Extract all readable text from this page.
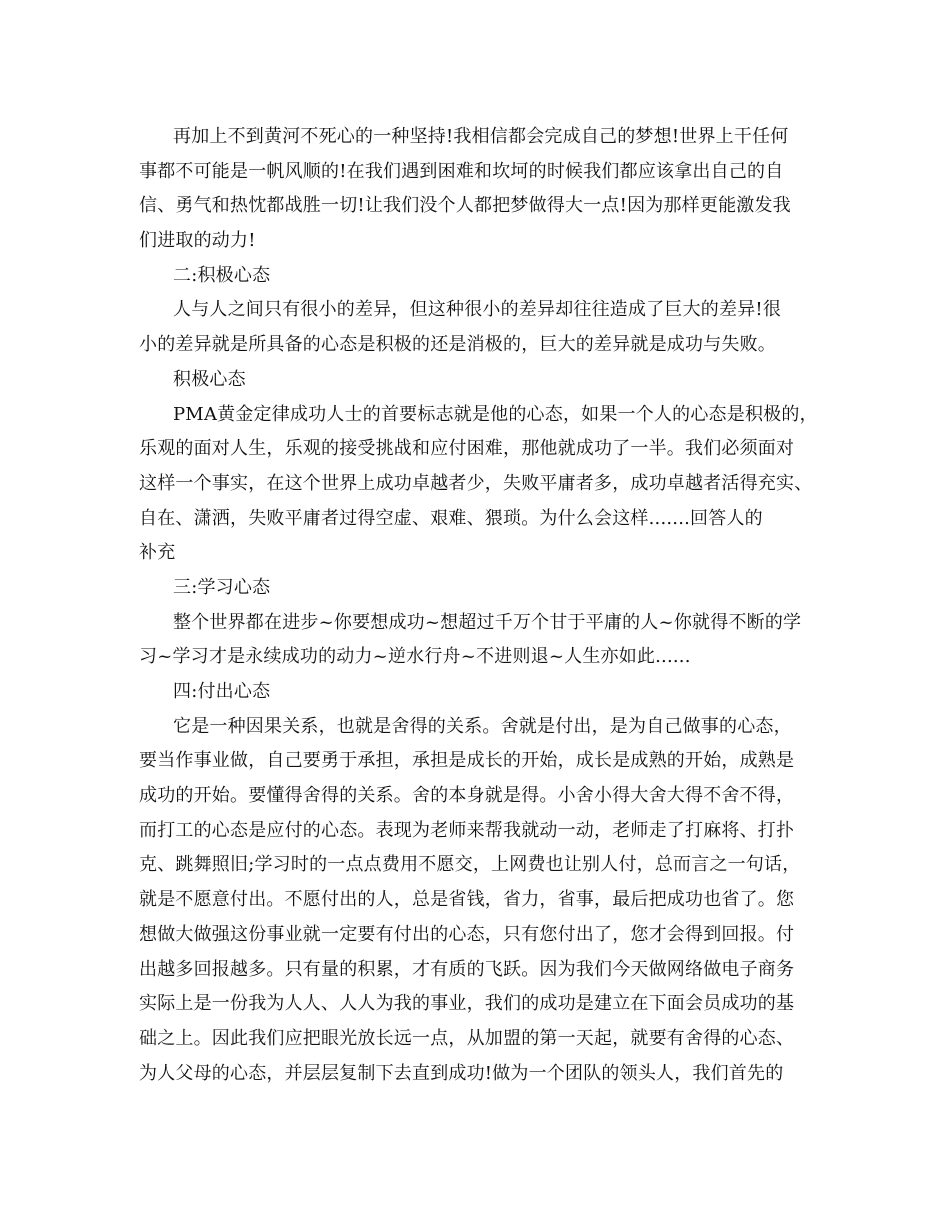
再加上不到黄河不死心的一种坚持!我相信都会完成自己的梦想!世界上干任何
事都不可能是一帆风顺的!在我们遇到困难和坎坷的时候我们都应该拿出自己的自
信、勇气和热忱都战胜一切!让我们没个人都把梦做得大一点!因为那样更能激发我
们进取的动力!
二:积极心态
人与人之间只有很小的差异，但这种很小的差异却往往造成了巨大的差异!很
小的差异就是所具备的心态是积极的还是消极的，巨大的差异就是成功与失败。
积极心态
PMA黄金定律成功人士的首要标志就是他的心态，如果一个人的心态是积极的，
乐观的面对人生，乐观的接受挑战和应付困难，那他就成功了一半。我们必须面对
这样一个事实，在这个世界上成功卓越者少，失败平庸者多，成功卓越者活得充实、
自在、潇洒，失败平庸者过得空虚、艰难、猥琐。为什么会这样.......回答人的
补充
三:学习心态
整个世界都在进步~你要想成功~想超过千万个甘于平庸的人~你就得不断的学
习~学习才是永续成功的动力~逆水行舟~不进则退~人生亦如此......
四:付出心态
它是一种因果关系，也就是舍得的关系。舍就是付出，是为自己做事的心态，
要当作事业做，自己要勇于承担，承担是成长的开始，成长是成熟的开始，成熟是
成功的开始。要懂得舍得的关系。舍的本身就是得。小舍小得大舍大得不舍不得，
而打工的心态是应付的心态。表现为老师来帮我就动一动，老师走了打麻将、打扑
克、跳舞照旧;学习时的一点点费用不愿交，上网费也让别人付，总而言之一句话，
就是不愿意付出。不愿付出的人，总是省钱，省力，省事，最后把成功也省了。您
想做大做强这份事业就一定要有付出的心态，只有您付出了，您才会得到回报。付
出越多回报越多。只有量的积累，才有质的飞跃。因为我们今天做网络做电子商务
实际上是一份我为人人、人人为我的事业，我们的成功是建立在下面会员成功的基
础之上。因此我们应把眼光放长远一点，从加盟的第一天起，就要有舍得的心态、
为人父母的心态，并层层复制下去直到成功!做为一个团队的领头人，我们首先的
